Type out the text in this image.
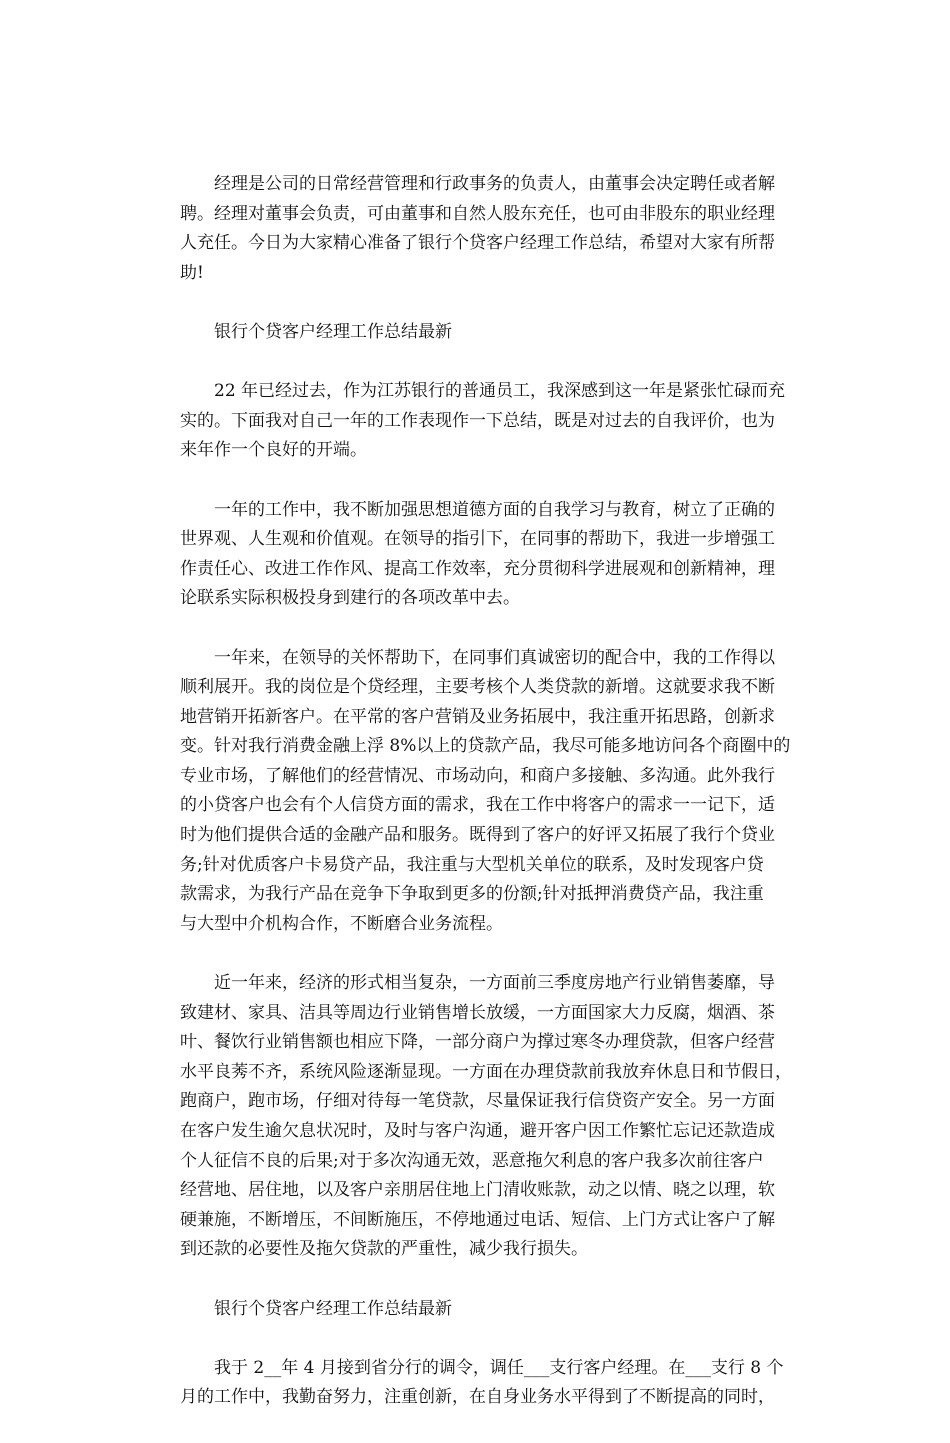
经理是公司的日常经营管理和行政事务的负责人，由董事会决定聘任或者解
聘。经理对董事会负责，可由董事和自然人股东充任，也可由非股东的职业经理
人充任。今日为大家精心准备了银行个贷客户经理工作总结，希望对大家有所帮
助!

银行个贷客户经理工作总结最新

22 年已经过去，作为江苏银行的普通员工，我深感到这一年是紧张忙碌而充
实的。下面我对自己一年的工作表现作一下总结，既是对过去的自我评价，也为
来年作一个良好的开端。

一年的工作中，我不断加强思想道德方面的自我学习与教育，树立了正确的
世界观、人生观和价值观。在领导的指引下，在同事的帮助下，我进一步增强工
作责任心、改进工作作风、提高工作效率，充分贯彻科学进展观和创新精神，理
论联系实际积极投身到建行的各项改革中去。

一年来，在领导的关怀帮助下，在同事们真诚密切的配合中，我的工作得以
顺利展开。我的岗位是个贷经理，主要考核个人类贷款的新增。这就要求我不断
地营销开拓新客户。在平常的客户营销及业务拓展中，我注重开拓思路，创新求
变。针对我行消费金融上浮 8%以上的贷款产品，我尽可能多地访问各个商圈中的
专业市场，了解他们的经营情况、市场动向，和商户多接触、多沟通。此外我行
的小贷客户也会有个人信贷方面的需求，我在工作中将客户的需求一一记下，适
时为他们提供合适的金融产品和服务。既得到了客户的好评又拓展了我行个贷业
务;针对优质客户卡易贷产品，我注重与大型机关单位的联系，及时发现客户贷
款需求，为我行产品在竞争下争取到更多的份额;针对抵押消费贷产品，我注重
与大型中介机构合作，不断磨合业务流程。

近一年来，经济的形式相当复杂，一方面前三季度房地产行业销售萎靡，导
致建材、家具、洁具等周边行业销售增长放缓，一方面国家大力反腐，烟酒、茶
叶、餐饮行业销售额也相应下降，一部分商户为撑过寒冬办理贷款，但客户经营
水平良莠不齐，系统风险逐渐显现。一方面在办理贷款前我放弃休息日和节假日，
跑商户，跑市场，仔细对待每一笔贷款，尽量保证我行信贷资产安全。另一方面
在客户发生逾欠息状况时，及时与客户沟通，避开客户因工作繁忙忘记还款造成
个人征信不良的后果;对于多次沟通无效，恶意拖欠利息的客户我多次前往客户
经营地、居住地，以及客户亲朋居住地上门清收账款，动之以情、晓之以理，软
硬兼施，不断增压，不间断施压，不停地通过电话、短信、上门方式让客户了解
到还款的必要性及拖欠贷款的严重性，减少我行损失。

银行个贷客户经理工作总结最新

我于 2__年 4 月接到省分行的调令，调任___支行客户经理。在___支行 8 个
月的工作中，我勤奋努力，注重创新，在自身业务水平得到了不断提高的同时，
